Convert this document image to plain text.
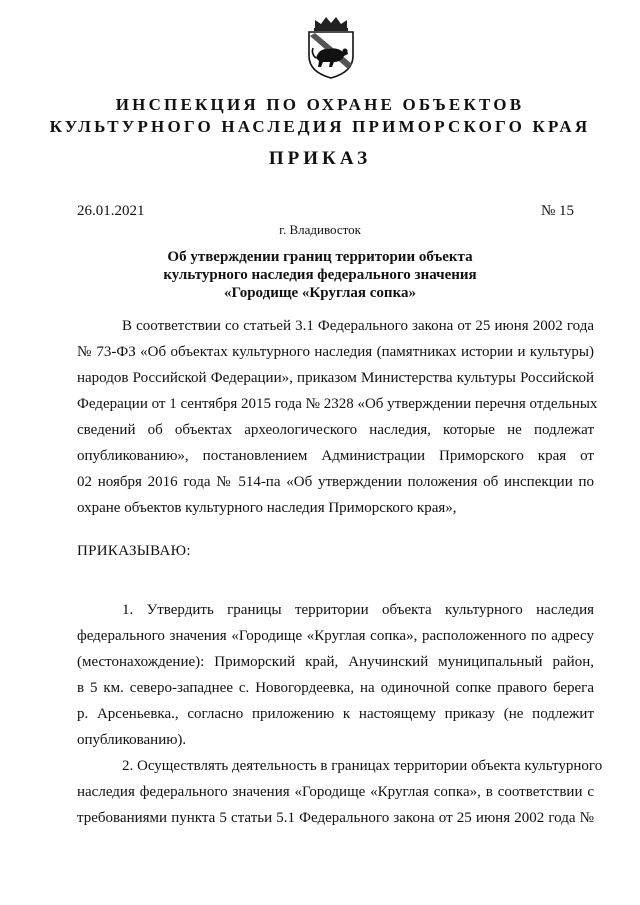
ИНСПЕКЦИЯ ПО ОХРАНЕ ОБЪЕКТОВ
КУЛЬТУРНОГО НАСЛЕДИЯ ПРИМОРСКОГО КРАЯ
ПРИКАЗ
26.01.2021	№ 15
г. Владивосток
Об утверждении границ территории объекта
культурного наследия федерального значения
«Городище «Круглая сопка»
В соответствии со статьей 3.1 Федерального закона от 25 июня 2002 года
№ 73-ФЗ «Об объектах культурного наследия (памятниках истории и культуры)
народов Российской Федерации», приказом Министерства культуры Российской
Федерации от 1 сентября 2015 года № 2328 «Об утверждении перечня отдельных
сведений об объектах археологического наследия, которые не подлежат
опубликованию», постановлением Администрации Приморского края от
02 ноября 2016 года № 514-па «Об утверждении положения об инспекции по
охране объектов культурного наследия Приморского края»,
ПРИКАЗЫВАЮ:
1. Утвердить границы территории объекта культурного наследия
федерального значения «Городище «Круглая сопка», расположенного по адресу
(местонахождение): Приморский край, Анучинский муниципальный район,
в 5 км. северо-западнее с. Новогордеевка, на одиночной сопке правого берега
р. Арсеньевка., согласно приложению к настоящему приказу (не подлежит
опубликованию).
2. Осуществлять деятельность в границах территории объекта культурного
наследия федерального значения «Городище «Круглая сопка», в соответствии с
требованиями пункта 5 статьи 5.1 Федерального закона от 25 июня 2002 года №
